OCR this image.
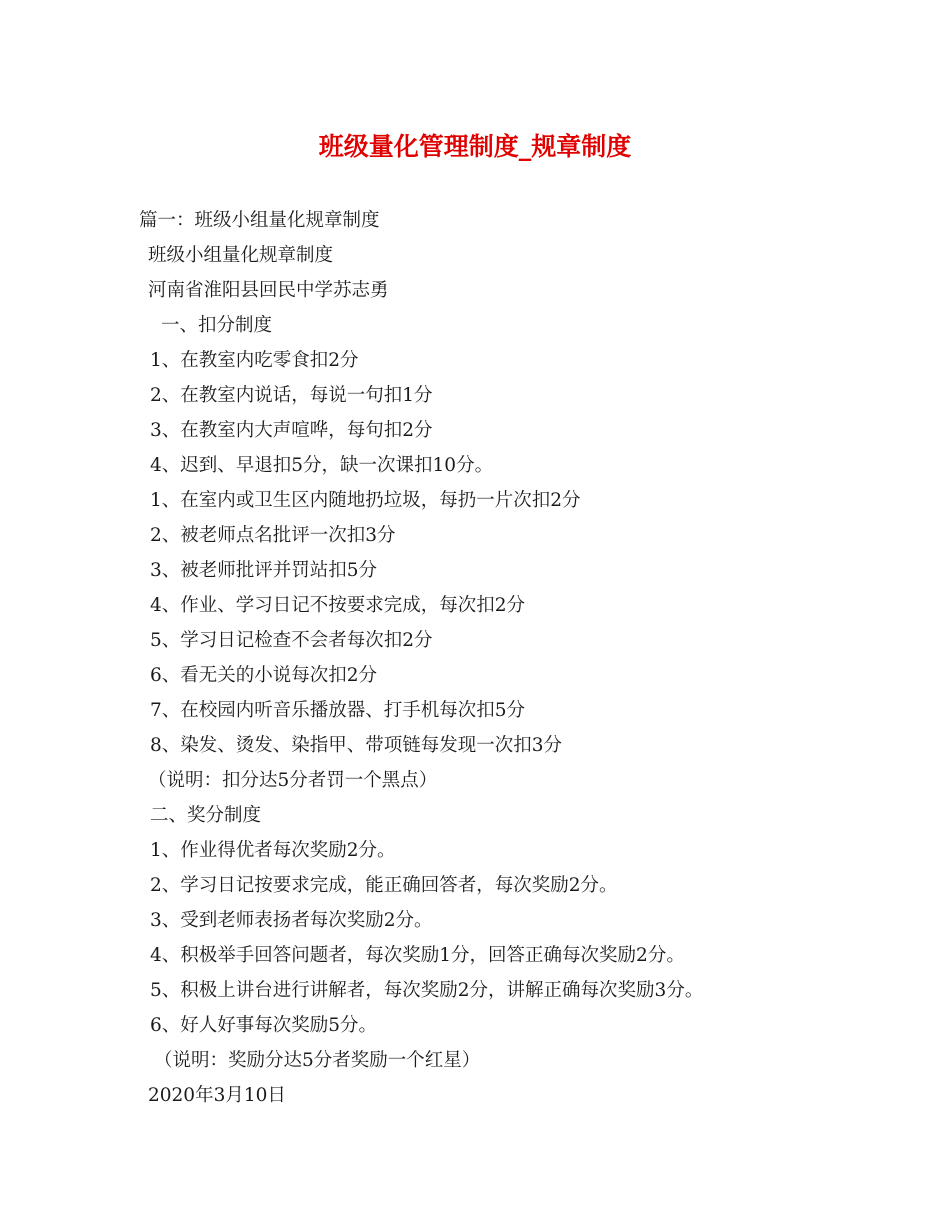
班级量化管理制度_规章制度
篇一：班级小组量化规章制度
班级小组量化规章制度
河南省淮阳县回民中学苏志勇
一、扣分制度
1、在教室内吃零食扣2分
2、在教室内说话，每说一句扣1分
3、在教室内大声喧哗，每句扣2分
4、迟到、早退扣5分，缺一次课扣10分。
1、在室内或卫生区内随地扔垃圾，每扔一片次扣2分
2、被老师点名批评一次扣3分
3、被老师批评并罚站扣5分
4、作业、学习日记不按要求完成，每次扣2分
5、学习日记检查不会者每次扣2分
6、看无关的小说每次扣2分
7、在校园内听音乐播放器、打手机每次扣5分
8、染发、烫发、染指甲、带项链每发现一次扣3分
（说明：扣分达5分者罚一个黑点）
二、奖分制度
1、作业得优者每次奖励2分。
2、学习日记按要求完成，能正确回答者，每次奖励2分。
3、受到老师表扬者每次奖励2分。
4、积极举手回答问题者，每次奖励1分，回答正确每次奖励2分。
5、积极上讲台进行讲解者，每次奖励2分，讲解正确每次奖励3分。
6、好人好事每次奖励5分。
（说明：奖励分达5分者奖励一个红星）
2020年3月10日
